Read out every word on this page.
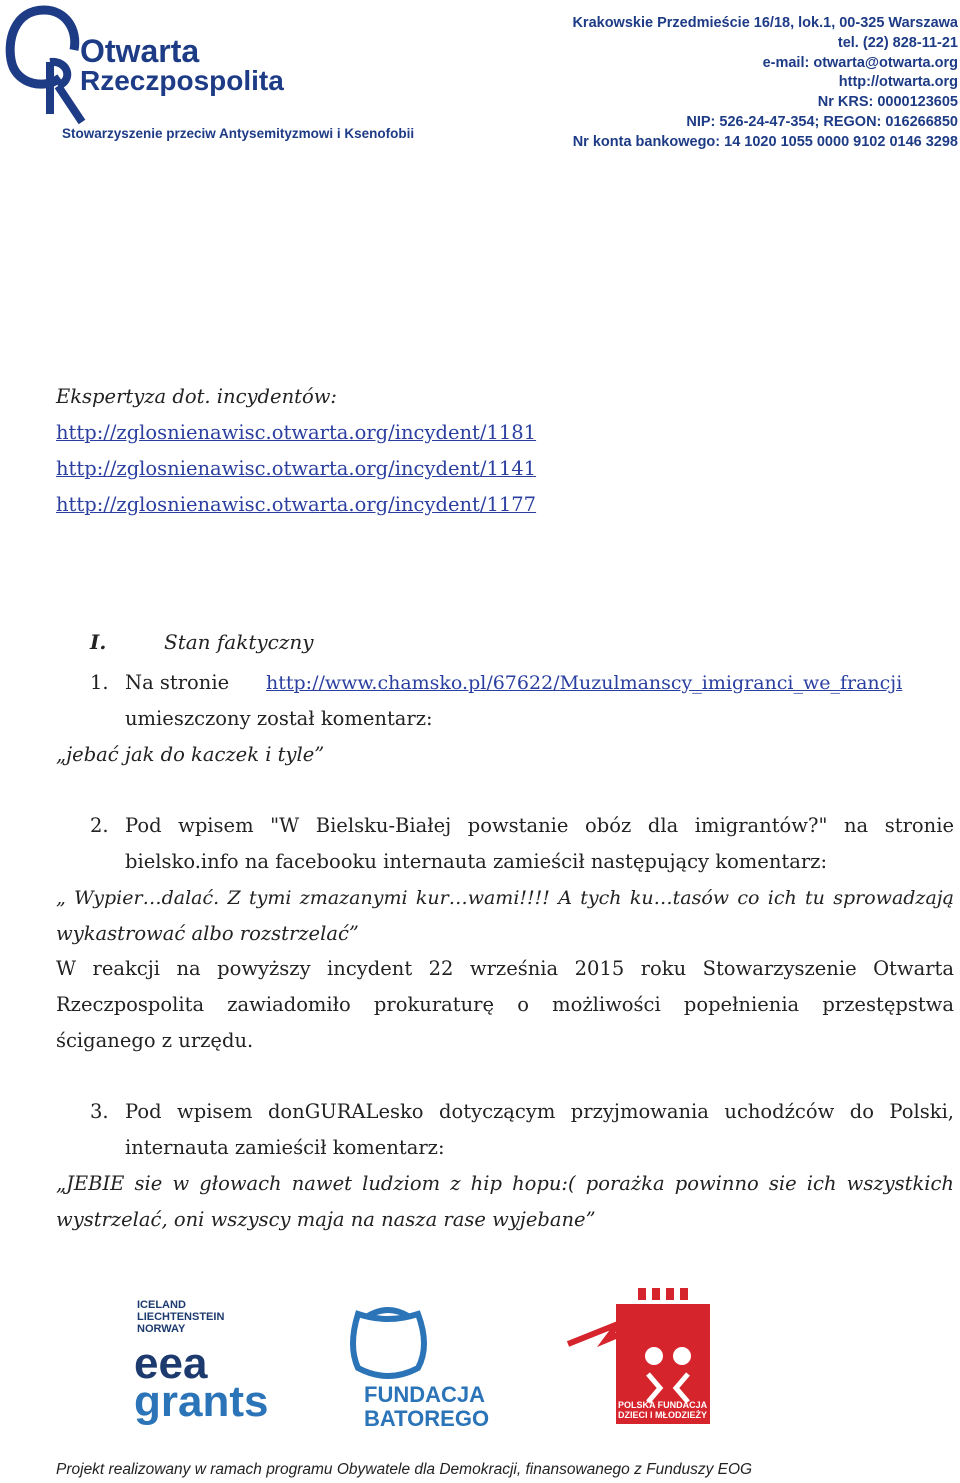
Otwarta
Rzeczpospolita
Stowarzyszenie przeciw Antysemityzmowi i Ksenofobii
Krakowskie Przedmieście 16/18, lok.1, 00-325 Warszawa
tel. (22) 828-11-21
e-mail: otwarta@otwarta.org
http://otwarta.org
Nr KRS: 0000123605
NIP: 526-24-47-354; REGON: 016266850
Nr konta bankowego: 14 1020 1055 0000 9102 0146 3298
Ekspertyza dot. incydentów:
http://zglosnienawisc.otwarta.org/incydent/1181
http://zglosnienawisc.otwarta.org/incydent/1141
http://zglosnienawisc.otwarta.org/incydent/1177
I.	Stan faktyczny
1. Na stronie	http://www.chamsko.pl/67622/Muzulmanscy_imigranci_we_francji
umieszczony został komentarz:
„jebać jak do kaczek i tyle”
2. Pod wpisem "W Bielsku-Białej powstanie obóz dla imigrantów?" na stronie
bielsko.info na facebooku internauta zamieścił następujący komentarz:
„ Wypier…dalać. Z tymi zmazanymi kur…wami!!!! A tych ku…tasów co ich tu sprowadzają
wykastrować albo rozstrzelać”
W reakcji na powyższy incydent 22 września 2015 roku Stowarzyszenie Otwarta
Rzeczpospolita zawiadomiło prokuraturę o możliwości popełnienia przestępstwa
ściganego z urzędu.
3. Pod wpisem donGURALesko dotyczącym przyjmowania uchodźców do Polski,
internauta zamieścił komentarz:
„JEBIE sie w głowach nawet ludziom z hip hopu:( porażka powinno sie ich wszystkich
wystrzelać, oni wszyscy maja na nasza rase wyjebane”
ICELAND
LIECHTENSTEIN
NORWAY
eea
grants	FUNDACJA
BATOREGO
POLSKA FUNDACJA
DZIECI I MŁODZIEŻY
Projekt realizowany w ramach programu Obywatele dla Demokracji, finansowanego z Funduszy EOG
